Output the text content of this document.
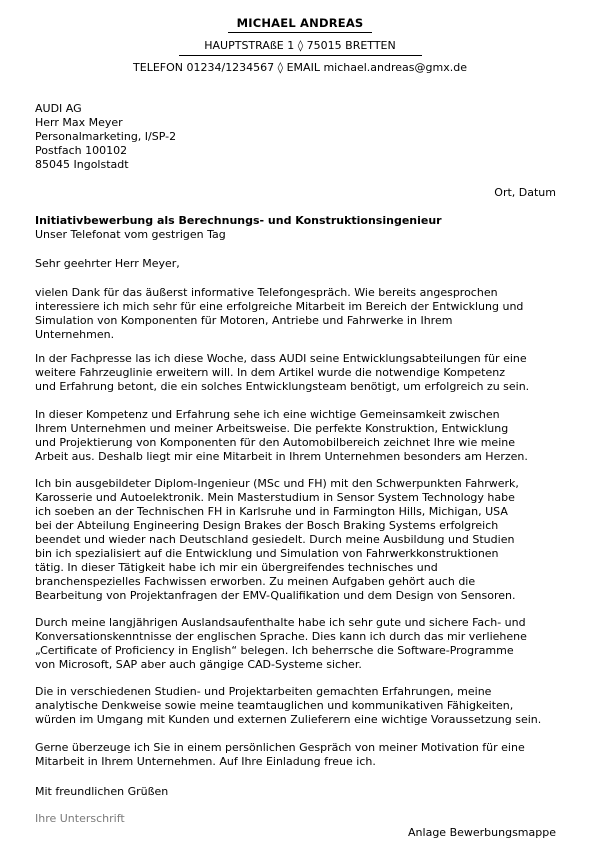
MICHAEL ANDREAS
HAUPTSTRAßE 1 ◊ 75015 BRETTEN
TELEFON 01234/1234567 ◊ EMAIL michael.andreas@gmx.de
AUDI AG
Herr Max Meyer
Personalmarketing, I/SP-2
Postfach 100102
85045 Ingolstadt
Ort, Datum
Initiativbewerbung als Berechnungs- und Konstruktionsingenieur
Unser Telefonat vom gestrigen Tag
Sehr geehrter Herr Meyer,
vielen Dank für das äußerst informative Telefongespräch. Wie bereits angesprochen
interessiere ich mich sehr für eine erfolgreiche Mitarbeit im Bereich der Entwicklung und
Simulation von Komponenten für Motoren, Antriebe und Fahrwerke in Ihrem
Unternehmen.
In der Fachpresse las ich diese Woche, dass AUDI seine Entwicklungsabteilungen für eine
weitere Fahrzeuglinie erweitern will. In dem Artikel wurde die notwendige Kompetenz
und Erfahrung betont, die ein solches Entwicklungsteam benötigt, um erfolgreich zu sein.
In dieser Kompetenz und Erfahrung sehe ich eine wichtige Gemeinsamkeit zwischen
Ihrem Unternehmen und meiner Arbeitsweise. Die perfekte Konstruktion, Entwicklung
und Projektierung von Komponenten für den Automobilbereich zeichnet Ihre wie meine
Arbeit aus. Deshalb liegt mir eine Mitarbeit in Ihrem Unternehmen besonders am Herzen.
Ich bin ausgebildeter Diplom-Ingenieur (MSc und FH) mit den Schwerpunkten Fahrwerk,
Karosserie und Autoelektronik. Mein Masterstudium in Sensor System Technology habe
ich soeben an der Technischen FH in Karlsruhe und in Farmington Hills, Michigan, USA
bei der Abteilung Engineering Design Brakes der Bosch Braking Systems erfolgreich
beendet und wieder nach Deutschland gesiedelt. Durch meine Ausbildung und Studien
bin ich spezialisiert auf die Entwicklung und Simulation von Fahrwerkkonstruktionen
tätig. In dieser Tätigkeit habe ich mir ein übergreifendes technisches und
branchenspezielles Fachwissen erworben. Zu meinen Aufgaben gehört auch die
Bearbeitung von Projektanfragen der EMV-Qualifikation und dem Design von Sensoren.
Durch meine langjährigen Auslandsaufenthalte habe ich sehr gute und sichere Fach- und
Konversationskenntnisse der englischen Sprache. Dies kann ich durch das mir verliehene
„Certificate of Proficiency in English“ belegen. Ich beherrsche die Software-Programme
von Microsoft, SAP aber auch gängige CAD-Systeme sicher.
Die in verschiedenen Studien- und Projektarbeiten gemachten Erfahrungen, meine
analytische Denkweise sowie meine teamtauglichen und kommunikativen Fähigkeiten,
würden im Umgang mit Kunden und externen Zulieferern eine wichtige Voraussetzung sein.
Gerne überzeuge ich Sie in einem persönlichen Gespräch von meiner Motivation für eine
Mitarbeit in Ihrem Unternehmen. Auf Ihre Einladung freue ich.
Mit freundlichen Grüßen
Ihre Unterschrift
Anlage Bewerbungsmappe
